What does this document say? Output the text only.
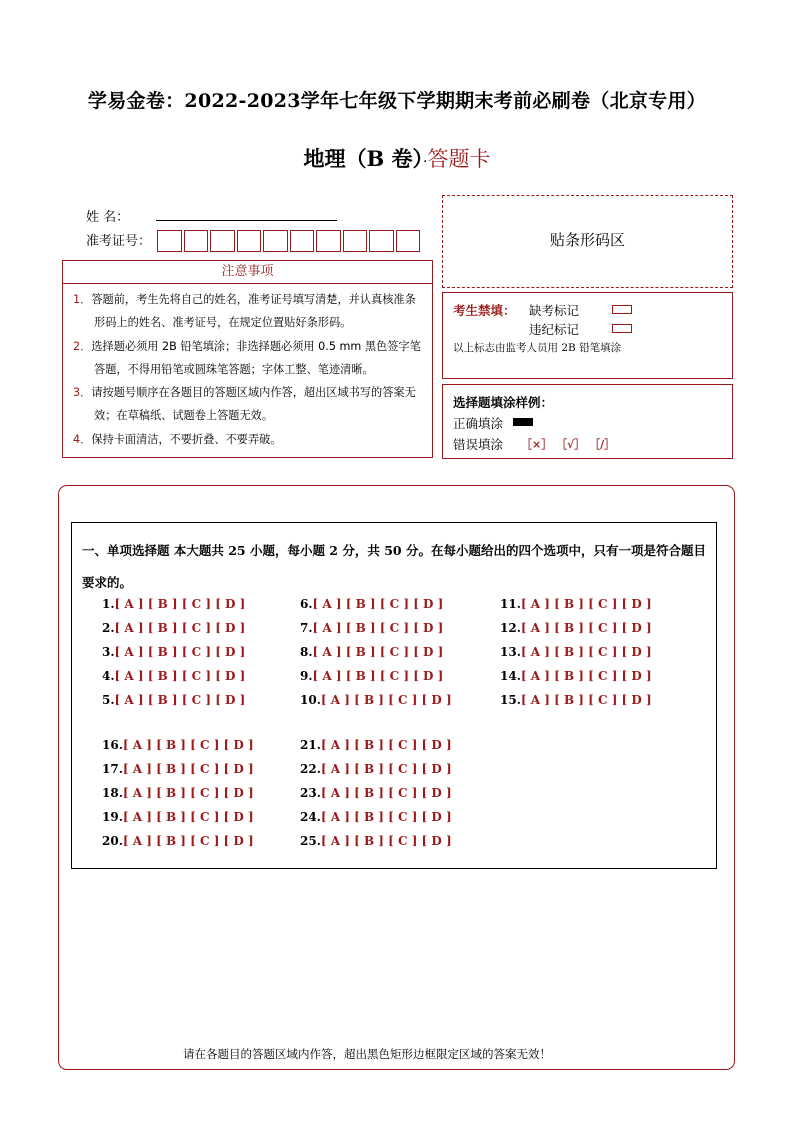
学易金卷：2022-2023学年七年级下学期期末考前必刷卷（北京专用）
地理（B 卷）·答题卡
姓 名：
准考证号：
注意事项
1．答题前，考生先将自己的姓名，准考证号填写清楚，并认真核准条形码上的姓名、准考证号，在规定位置贴好条形码。
2．选择题必须用 2B 铅笔填涂；非选择题必须用 0.5 mm 黑色签字笔答题，不得用铅笔或圆珠笔答题；字体工整、笔迹清晰。
3．请按题号顺序在各题目的答题区域内作答，超出区域书写的答案无效；在草稿纸、试题卷上答题无效。
4．保持卡面清洁，不要折叠、不要弄破。
贴条形码区
考生禁填： 缺考标记
违纪标记
以上标志由监考人员用 2B 铅笔填涂
选择题填涂样例：
正确填涂
错误填涂 ［×］ ［√］ ［/］
一、单项选择题 本大题共 25 小题，每小题 2 分，共 50 分。在每小题给出的四个选项中，只有一项是符合题目要求的。
1.[ A ] [ B ] [ C ] [ D ]
2.[ A ] [ B ] [ C ] [ D ]
3.[ A ] [ B ] [ C ] [ D ]
4.[ A ] [ B ] [ C ] [ D ]
5.[ A ] [ B ] [ C ] [ D ]
6.[ A ] [ B ] [ C ] [ D ]
7.[ A ] [ B ] [ C ] [ D ]
8.[ A ] [ B ] [ C ] [ D ]
9.[ A ] [ B ] [ C ] [ D ]
10.[ A ] [ B ] [ C ] [ D ]
11.[ A ] [ B ] [ C ] [ D ]
12.[ A ] [ B ] [ C ] [ D ]
13.[ A ] [ B ] [ C ] [ D ]
14.[ A ] [ B ] [ C ] [ D ]
15.[ A ] [ B ] [ C ] [ D ]
16.[ A ] [ B ] [ C ] [ D ]
17.[ A ] [ B ] [ C ] [ D ]
18.[ A ] [ B ] [ C ] [ D ]
19.[ A ] [ B ] [ C ] [ D ]
20.[ A ] [ B ] [ C ] [ D ]
21.[ A ] [ B ] [ C ] [ D ]
22.[ A ] [ B ] [ C ] [ D ]
23.[ A ] [ B ] [ C ] [ D ]
24.[ A ] [ B ] [ C ] [ D ]
25.[ A ] [ B ] [ C ] [ D ]
请在各题目的答题区域内作答，超出黑色矩形边框限定区域的答案无效！
